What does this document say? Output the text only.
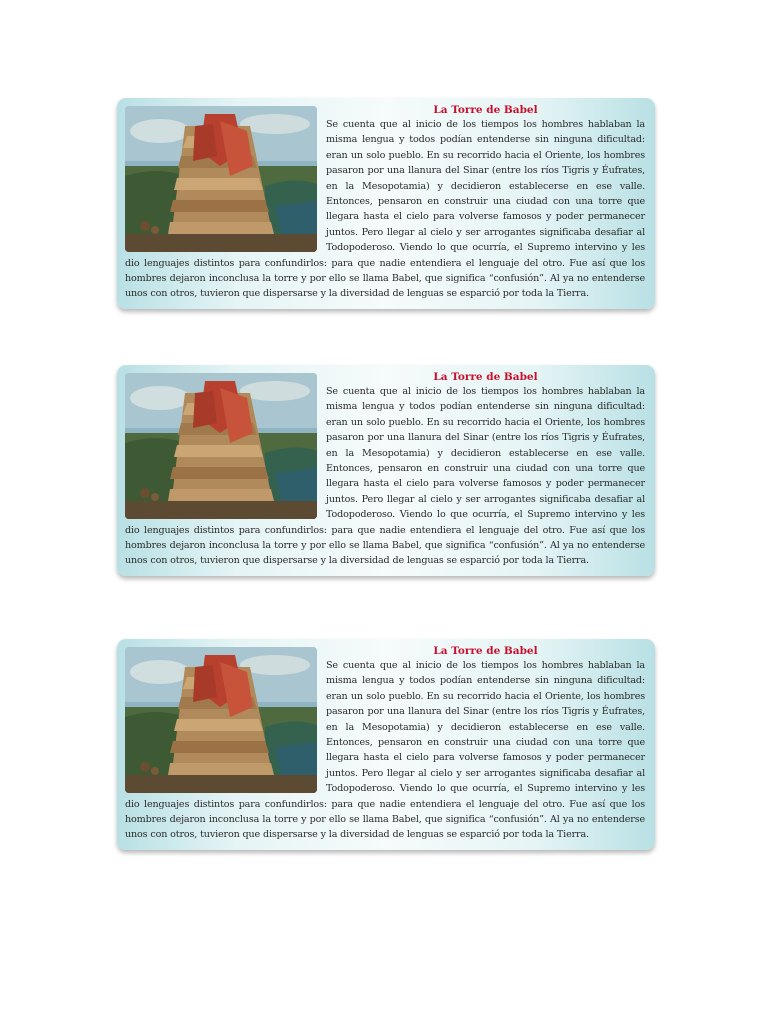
La Torre de Babel

Se cuenta que al inicio de los tiempos los hombres hablaban la misma lengua y todos podían entenderse sin ninguna dificultad: eran un solo pueblo. En su recorrido hacia el Oriente, los hombres pasaron por una llanura del Sinar (entre los ríos Tigris y Éufrates, en la Mesopotamia) y decidieron establecerse en ese valle. Entonces, pensaron en construir una ciudad con una torre que llegara hasta el cielo para volverse famosos y poder permanecer juntos. Pero llegar al cielo y ser arrogantes significaba desafiar al Todopoderoso. Viendo lo que ocurría, el Supremo intervino y les dio lenguajes distintos para confundirlos: para que nadie entendiera el lenguaje del otro. Fue así que los hombres dejaron inconclusa la torre y por ello se llama Babel, que significa “confusión”. Al ya no entenderse unos con otros, tuvieron que dispersarse y la diversidad de lenguas se esparció por toda la Tierra.

La Torre de Babel

Se cuenta que al inicio de los tiempos los hombres hablaban la misma lengua y todos podían entenderse sin ninguna dificultad: eran un solo pueblo. En su recorrido hacia el Oriente, los hombres pasaron por una llanura del Sinar (entre los ríos Tigris y Éufrates, en la Mesopotamia) y decidieron establecerse en ese valle. Entonces, pensaron en construir una ciudad con una torre que llegara hasta el cielo para volverse famosos y poder permanecer juntos. Pero llegar al cielo y ser arrogantes significaba desafiar al Todopoderoso. Viendo lo que ocurría, el Supremo intervino y les dio lenguajes distintos para confundirlos: para que nadie entendiera el lenguaje del otro. Fue así que los hombres dejaron inconclusa la torre y por ello se llama Babel, que significa “confusión”. Al ya no entenderse unos con otros, tuvieron que dispersarse y la diversidad de lenguas se esparció por toda la Tierra.

La Torre de Babel

Se cuenta que al inicio de los tiempos los hombres hablaban la misma lengua y todos podían entenderse sin ninguna dificultad: eran un solo pueblo. En su recorrido hacia el Oriente, los hombres pasaron por una llanura del Sinar (entre los ríos Tigris y Éufrates, en la Mesopotamia) y decidieron establecerse en ese valle. Entonces, pensaron en construir una ciudad con una torre que llegara hasta el cielo para volverse famosos y poder permanecer juntos. Pero llegar al cielo y ser arrogantes significaba desafiar al Todopoderoso. Viendo lo que ocurría, el Supremo intervino y les dio lenguajes distintos para confundirlos: para que nadie entendiera el lenguaje del otro. Fue así que los hombres dejaron inconclusa la torre y por ello se llama Babel, que significa “confusión”. Al ya no entenderse unos con otros, tuvieron que dispersarse y la diversidad de lenguas se esparció por toda la Tierra.
